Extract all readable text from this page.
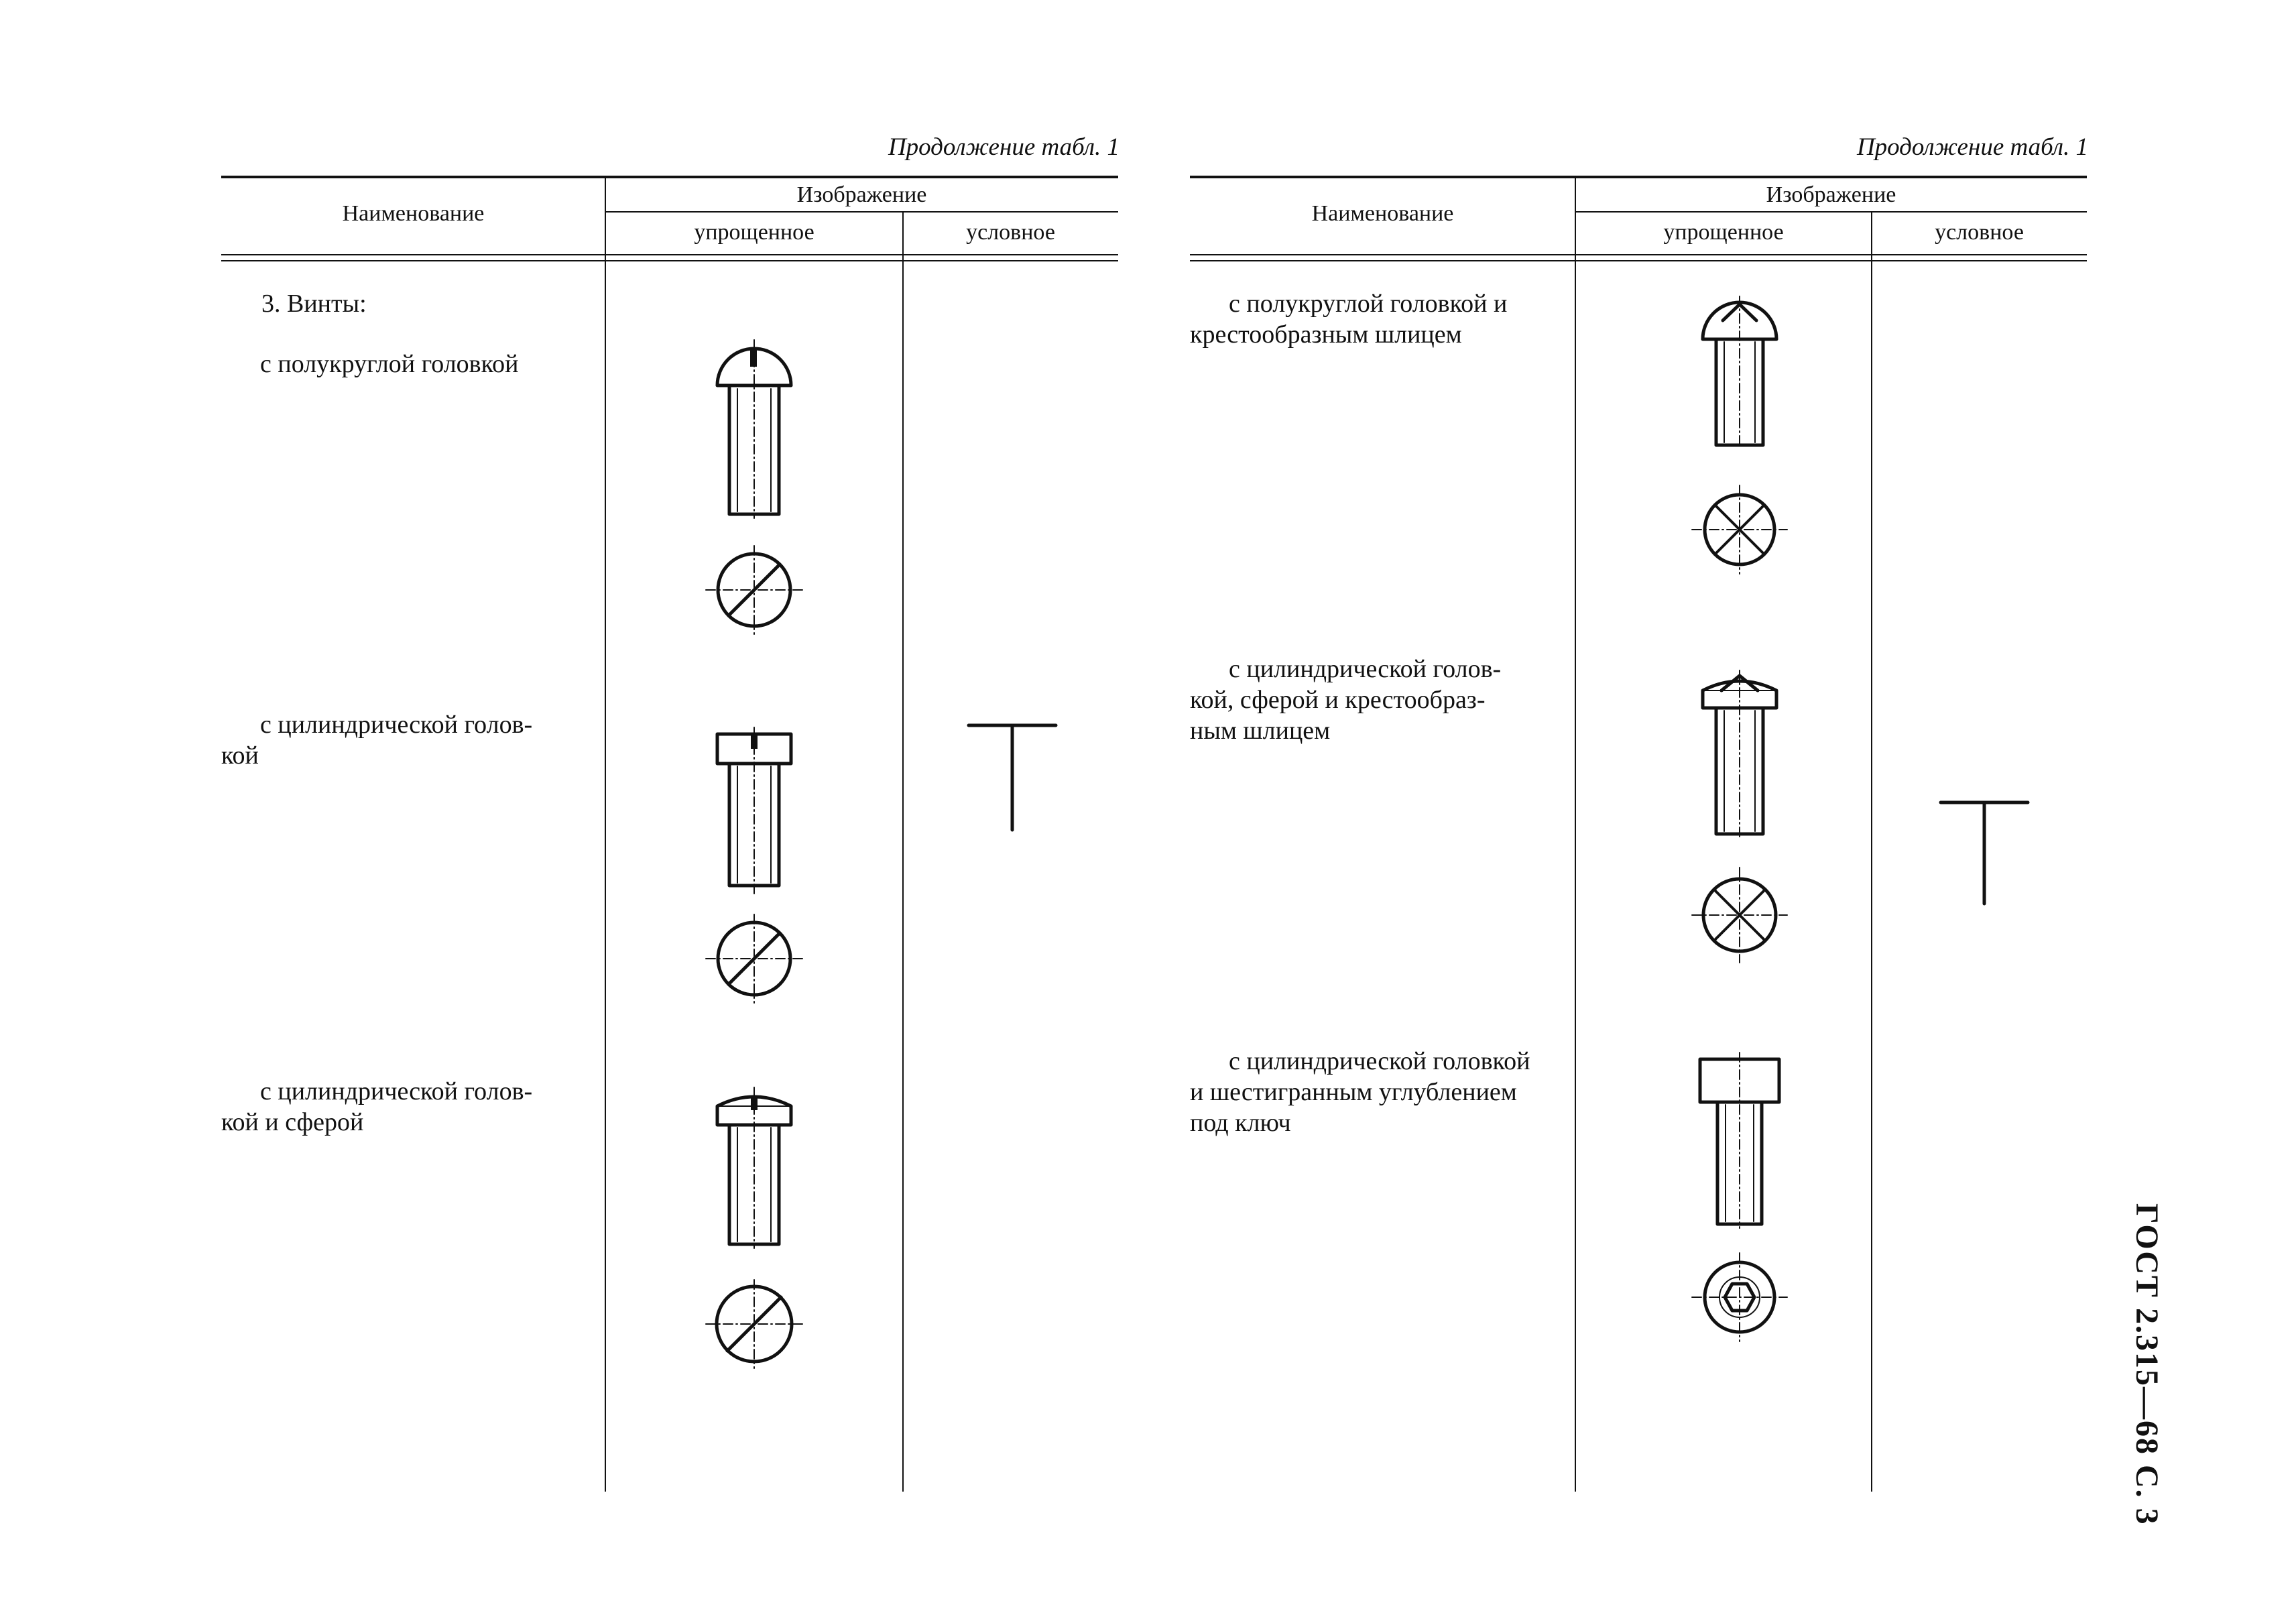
Продолжение табл. 1
Наименование
Изображение
упрощенное	условное
3. Винты:
с полукруглой головкой
с цилиндрической голов-
кой
с цилиндрической голов-
кой и сферой
Продолжение табл. 1
Наименование
Изображение
упрощенное	условное
с полукруглой головкой и
крестообразным шлицем
с цилиндрической голов-
кой, сферой и крестообраз-
ным шлицем
с цилиндрической головкой
и шестигранным углублением
под ключ
ГОСТ 2.315—68 С. 3
